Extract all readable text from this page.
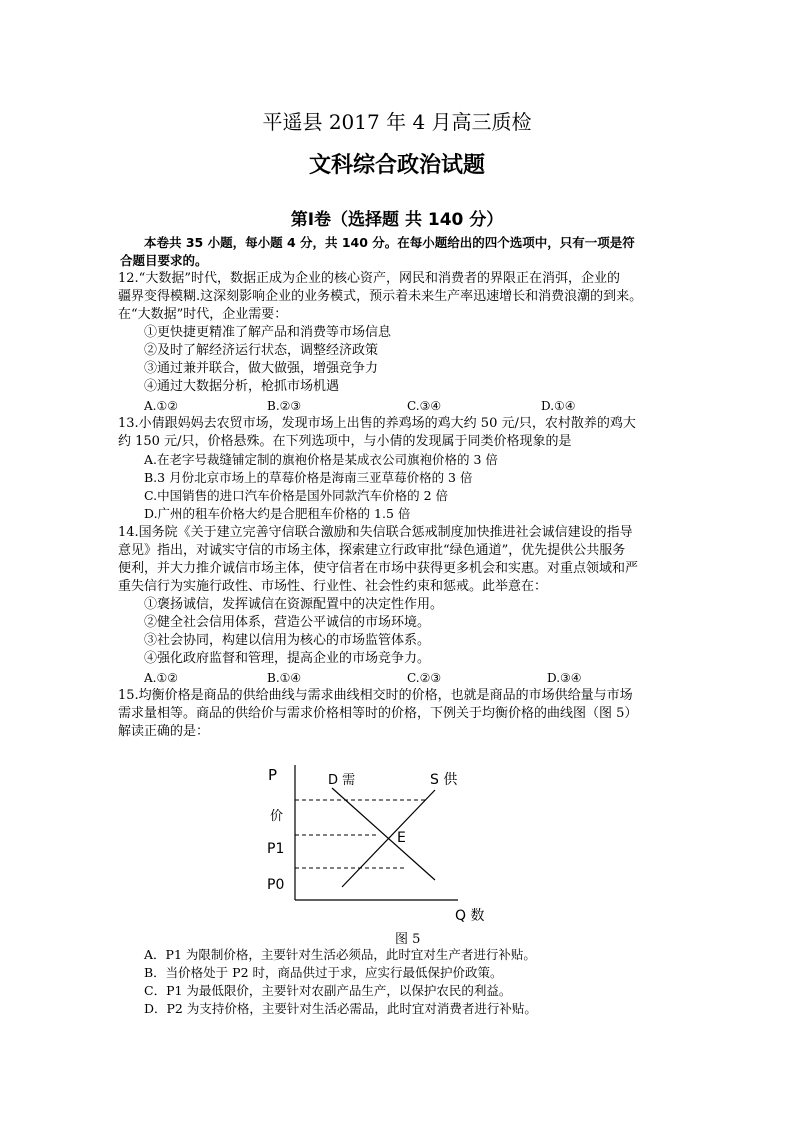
平遥县 2017 年 4 月高三质检
文科综合政治试题
第Ⅰ卷（选择题 共 140 分）
本卷共 35 小题，每小题 4 分，共 140 分。在每小题给出的四个选项中，只有一项是符
合题目要求的。
12.“大数据”时代，数据正成为企业的核心资产，网民和消费者的界限正在消弭，企业的
疆界变得模糊.这深刻影响企业的业务模式，预示着未来生产率迅速增长和消费浪潮的到来。
在“大数据”时代，企业需要：
①更快捷更精准了解产品和消费等市场信息
②及时了解经济运行状态，调整经济政策
③通过兼并联合，做大做强，增强竞争力
④通过大数据分析，枪抓市场机遇
A.①②	B.②③	C.③④	D.①④
13.小倩跟妈妈去农贸市场，发现市场上出售的养鸡场的鸡大约 50 元/只，农村散养的鸡大
约 150 元/只，价格悬殊。在下列选项中，与小倩的发现属于同类价格现象的是
A.在老字号裁缝铺定制的旗袍价格是某成衣公司旗袍价格的 3 倍
B.3 月份北京市场上的草莓价格是海南三亚草莓价格的 3 倍
C.中国销售的进口汽车价格是国外同款汽车价格的 2 倍
D.广州的租车价格大约是合肥租车价格的 1.5 倍
14.国务院《关于建立完善守信联合激励和失信联合惩戒制度加快推进社会诚信建设的指导
意见》指出，对诚实守信的市场主体，探索建立行政审批“绿色通道”，优先提供公共服务
便利，并大力推介诚信市场主体，使守信者在市场中获得更多机会和实惠。对重点领域和严
重失信行为实施行政性、市场性、行业性、社会性约束和惩戒。此举意在：
①褒扬诚信，发挥诚信在资源配置中的决定性作用。
②健全社会信用体系，营造公平诚信的市场环境。
③社会协同，构建以信用为核心的市场监管体系。
④强化政府监督和管理，提高企业的市场竞争力。
A.①②	B.①④	C.②③	D.③④
15.均衡价格是商品的供给曲线与需求曲线相交时的价格，也就是商品的市场供给量与市场
需求量相等。商品的供给价与需求价格相等时的价格，下例关于均衡价格的曲线图（图 5）
解读正确的是：
P
价
P1
P0
Q 数
D 需	S 供
E
图 5
A．P1 为限制价格，主要针对生活必须品，此时宜对生产者进行补贴。
B．当价格处于 P2 时，商品供过于求，应实行最低保护价政策。
C．P1 为最低限价，主要针对农副产品生产，以保护农民的利益。
D．P2 为支持价格，主要针对生活必需品，此时宜对消费者进行补贴。
